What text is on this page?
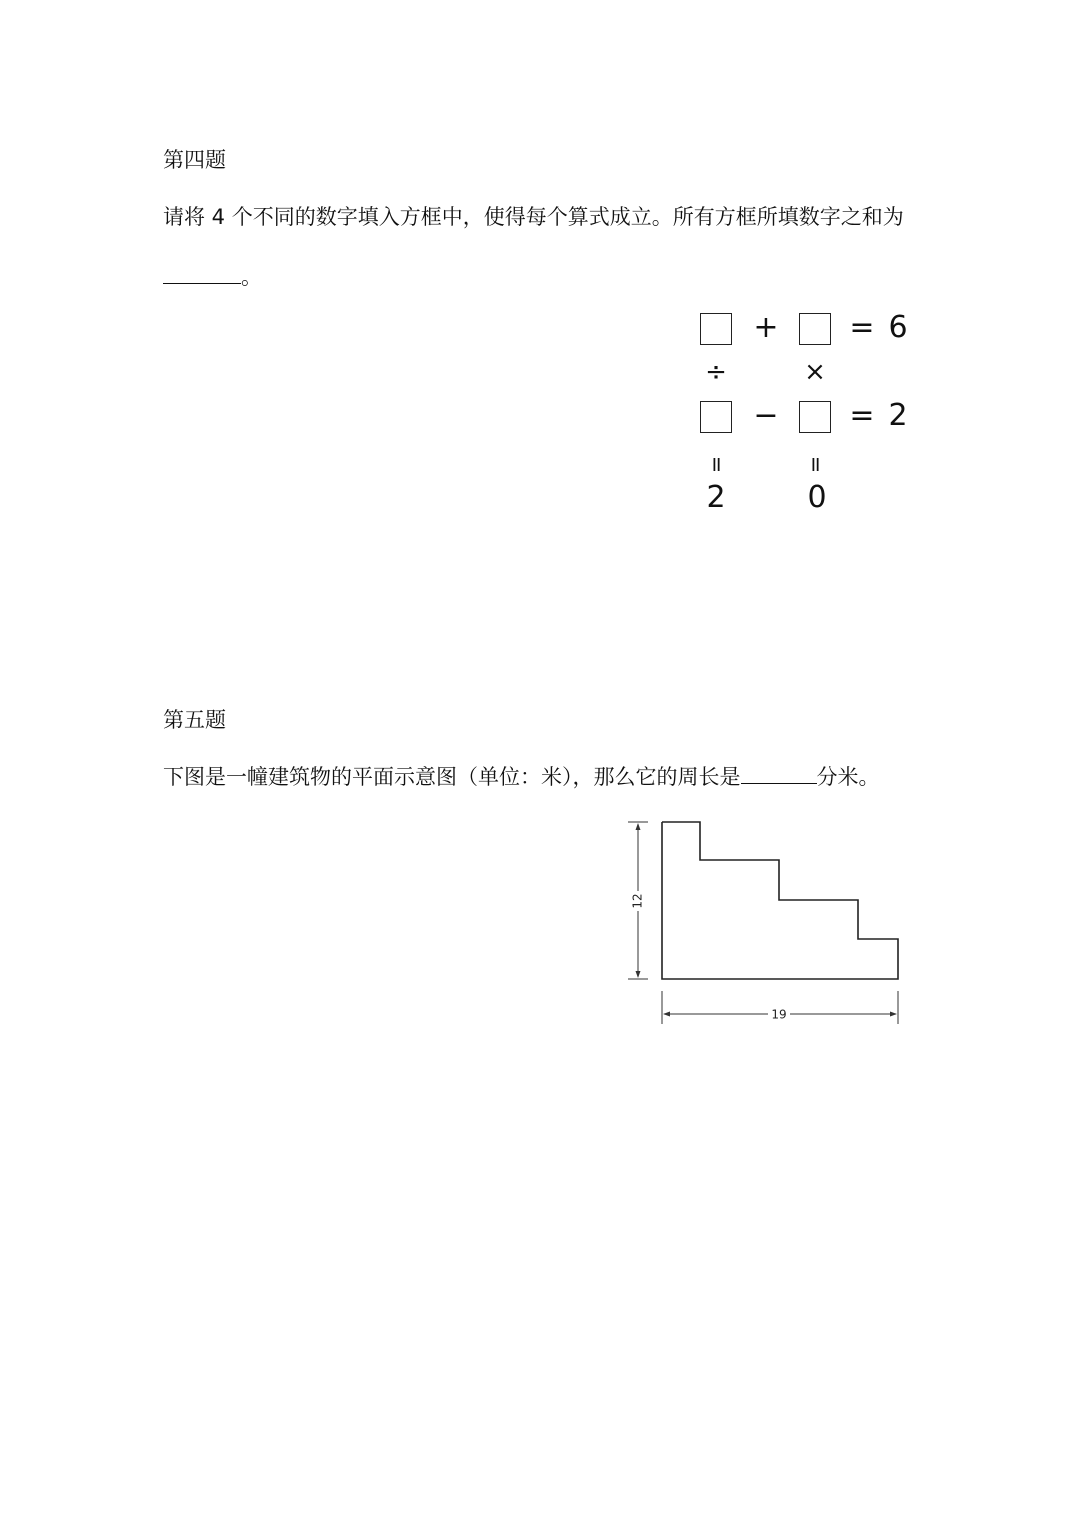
第四题
请将 4 个不同的数字填入方框中，使得每个算式成立。所有方框所填数字之和为
。
+ = 6
÷	×
− = 2
II	II
2	0
第五题
下图是一幢建筑物的平面示意图（单位：米），那么它的周长是	分米。
12
19
